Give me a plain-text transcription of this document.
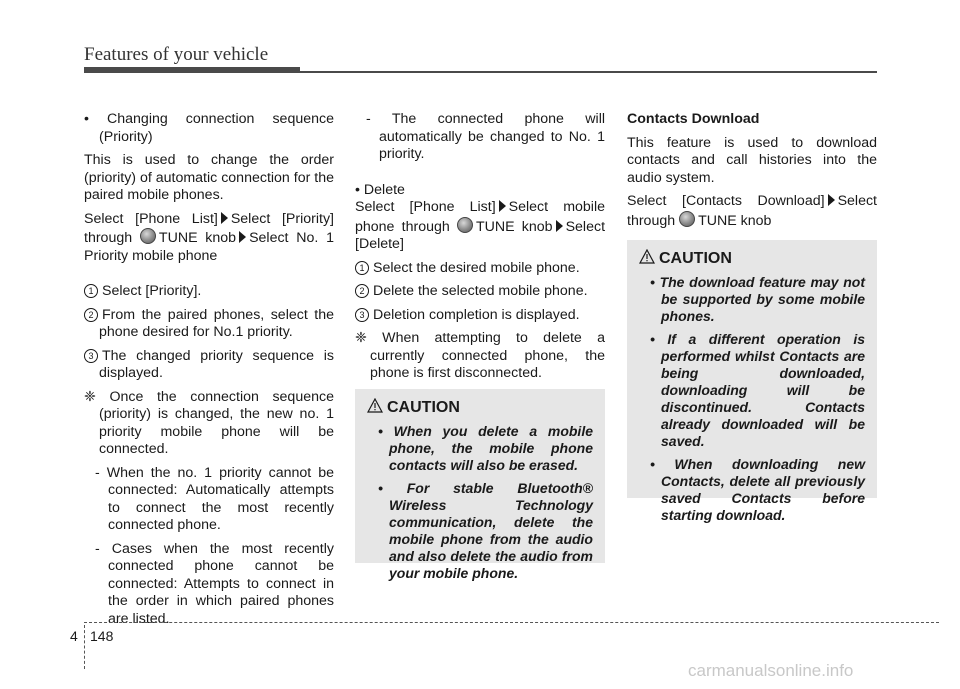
Features of your vehicle

• Changing connection sequence (Priority)

This is used to change the order (priority) of automatic connection for the paired mobile phones.

Select [Phone List] Select [Priority] through TUNE knob Select No. 1 Priority mobile phone

1 Select [Priority].

2 From the paired phones, select the phone desired for No.1 priority.

3 The changed priority sequence is displayed.

❈ Once the connection sequence (priority) is changed, the new no. 1 priority mobile phone will be connected.

- When the no. 1 priority cannot be connected: Automatically attempts to connect the most recently connected phone.

- Cases when the most recently connected phone cannot be connected: Attempts to connect in the order in which paired phones are listed.

- The connected phone will automatically be changed to No. 1 priority.

• Delete

Select [Phone List] Select mobile phone through TUNE knob Select [Delete]

1 Select the desired mobile phone.

2 Delete the selected mobile phone.

3 Deletion completion is displayed.

❈ When attempting to delete a currently connected phone, the phone is first disconnected.

CAUTION

• When you delete a mobile phone, the mobile phone contacts will also be erased.

• For stable Bluetooth® Wireless Technology communication, delete the mobile phone from the audio and also delete the audio from your mobile phone.

Contacts Download

This feature is used to download contacts and call histories into the audio system.

Select [Contacts Download] Select through TUNE knob

CAUTION

• The download feature may not be supported by some mobile phones.

• If a different operation is performed whilst Contacts are being downloaded, downloading will be discontinued. Contacts already downloaded will be saved.

• When downloading new Contacts, delete all previously saved Contacts before starting download.

4 148
carmanualsonline.info
